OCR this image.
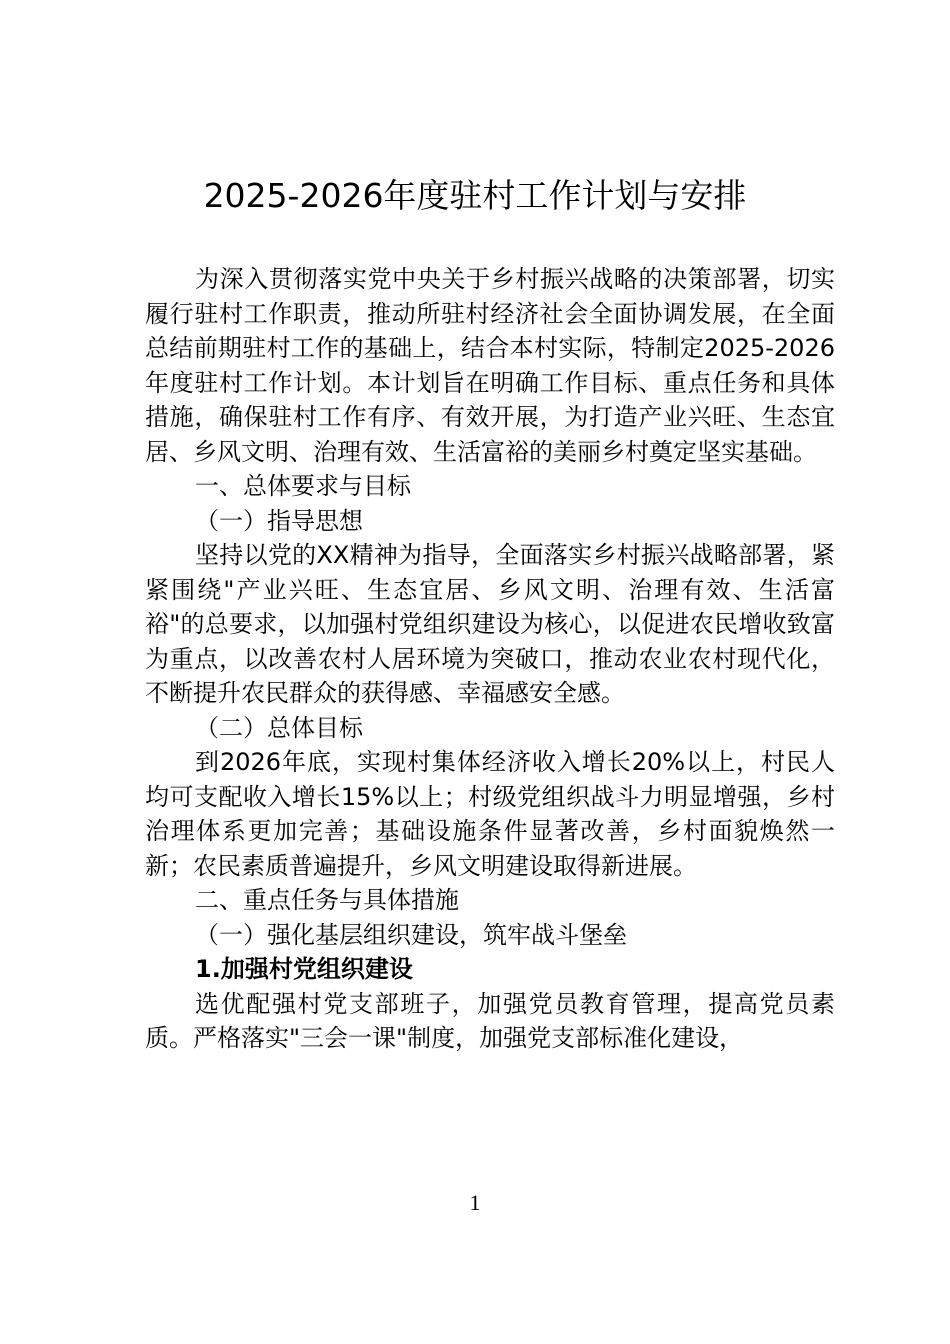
2025-2026年度驻村工作计划与安排

为深入贯彻落实党中央关于乡村振兴战略的决策部署，切实履行驻村工作职责，推动所驻村经济社会全面协调发展，在全面总结前期驻村工作的基础上，结合本村实际，特制定2025-2026年度驻村工作计划。本计划旨在明确工作目标、重点任务和具体措施，确保驻村工作有序、有效开展，为打造产业兴旺、生态宜居、乡风文明、治理有效、生活富裕的美丽乡村奠定坚实基础。

一、总体要求与目标

（一）指导思想

坚持以党的XX精神为指导，全面落实乡村振兴战略部署，紧紧围绕"产业兴旺、生态宜居、乡风文明、治理有效、生活富裕"的总要求，以加强村党组织建设为核心，以促进农民增收致富为重点，以改善农村人居环境为突破口，推动农业农村现代化，不断提升农民群众的获得感、幸福感安全感。

（二）总体目标

到2026年底，实现村集体经济收入增长20%以上，村民人均可支配收入增长15%以上；村级党组织战斗力明显增强，乡村治理体系更加完善；基础设施条件显著改善，乡村面貌焕然一新；农民素质普遍提升，乡风文明建设取得新进展。

二、重点任务与具体措施

（一）强化基层组织建设，筑牢战斗堡垒

1.加强村党组织建设

选优配强村党支部班子，加强党员教育管理，提高党员素质。严格落实"三会一课"制度，加强党支部标准化建设，

1
